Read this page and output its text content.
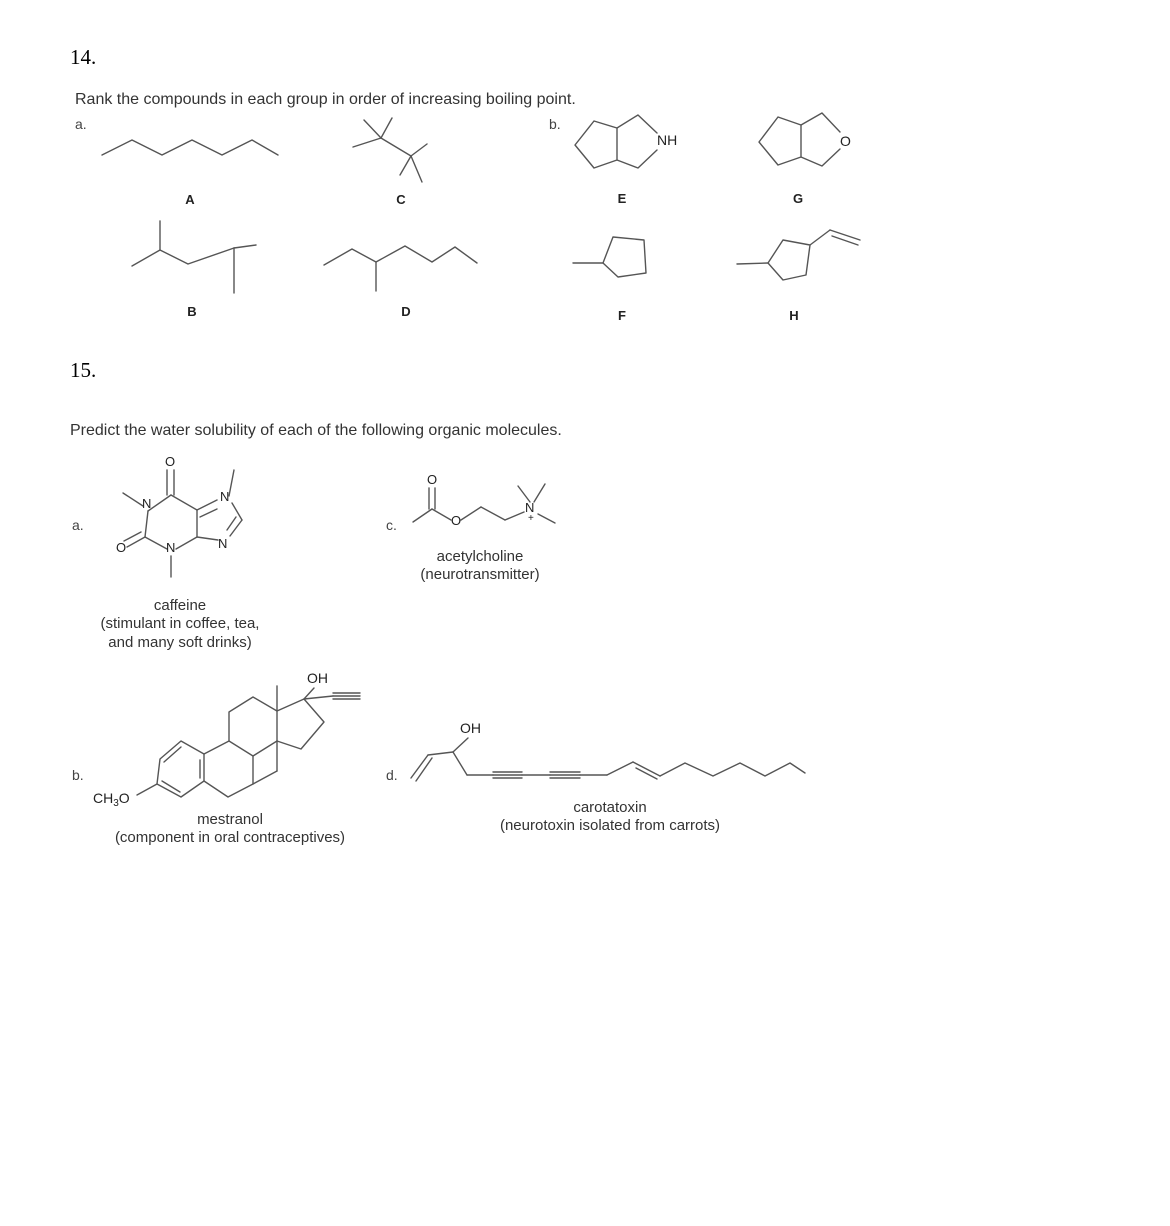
14.
Rank the compounds in each group in order of increasing boiling point.
a.	b.
NH	O
A	C	E	G
B	D	F	H
15.
Predict the water solubility of each of the following organic molecules.
a.	c.
b.	d.
O
N	N
N
N
O
caffeine
(stimulant in coffee, tea,
and many soft drinks)
O
O
N
+
acetylcholine
(neurotransmitter)
OH
$CH_3O$
mestranol
(component in oral contraceptives)
OH
carotatoxin
(neurotoxin isolated from carrots)
